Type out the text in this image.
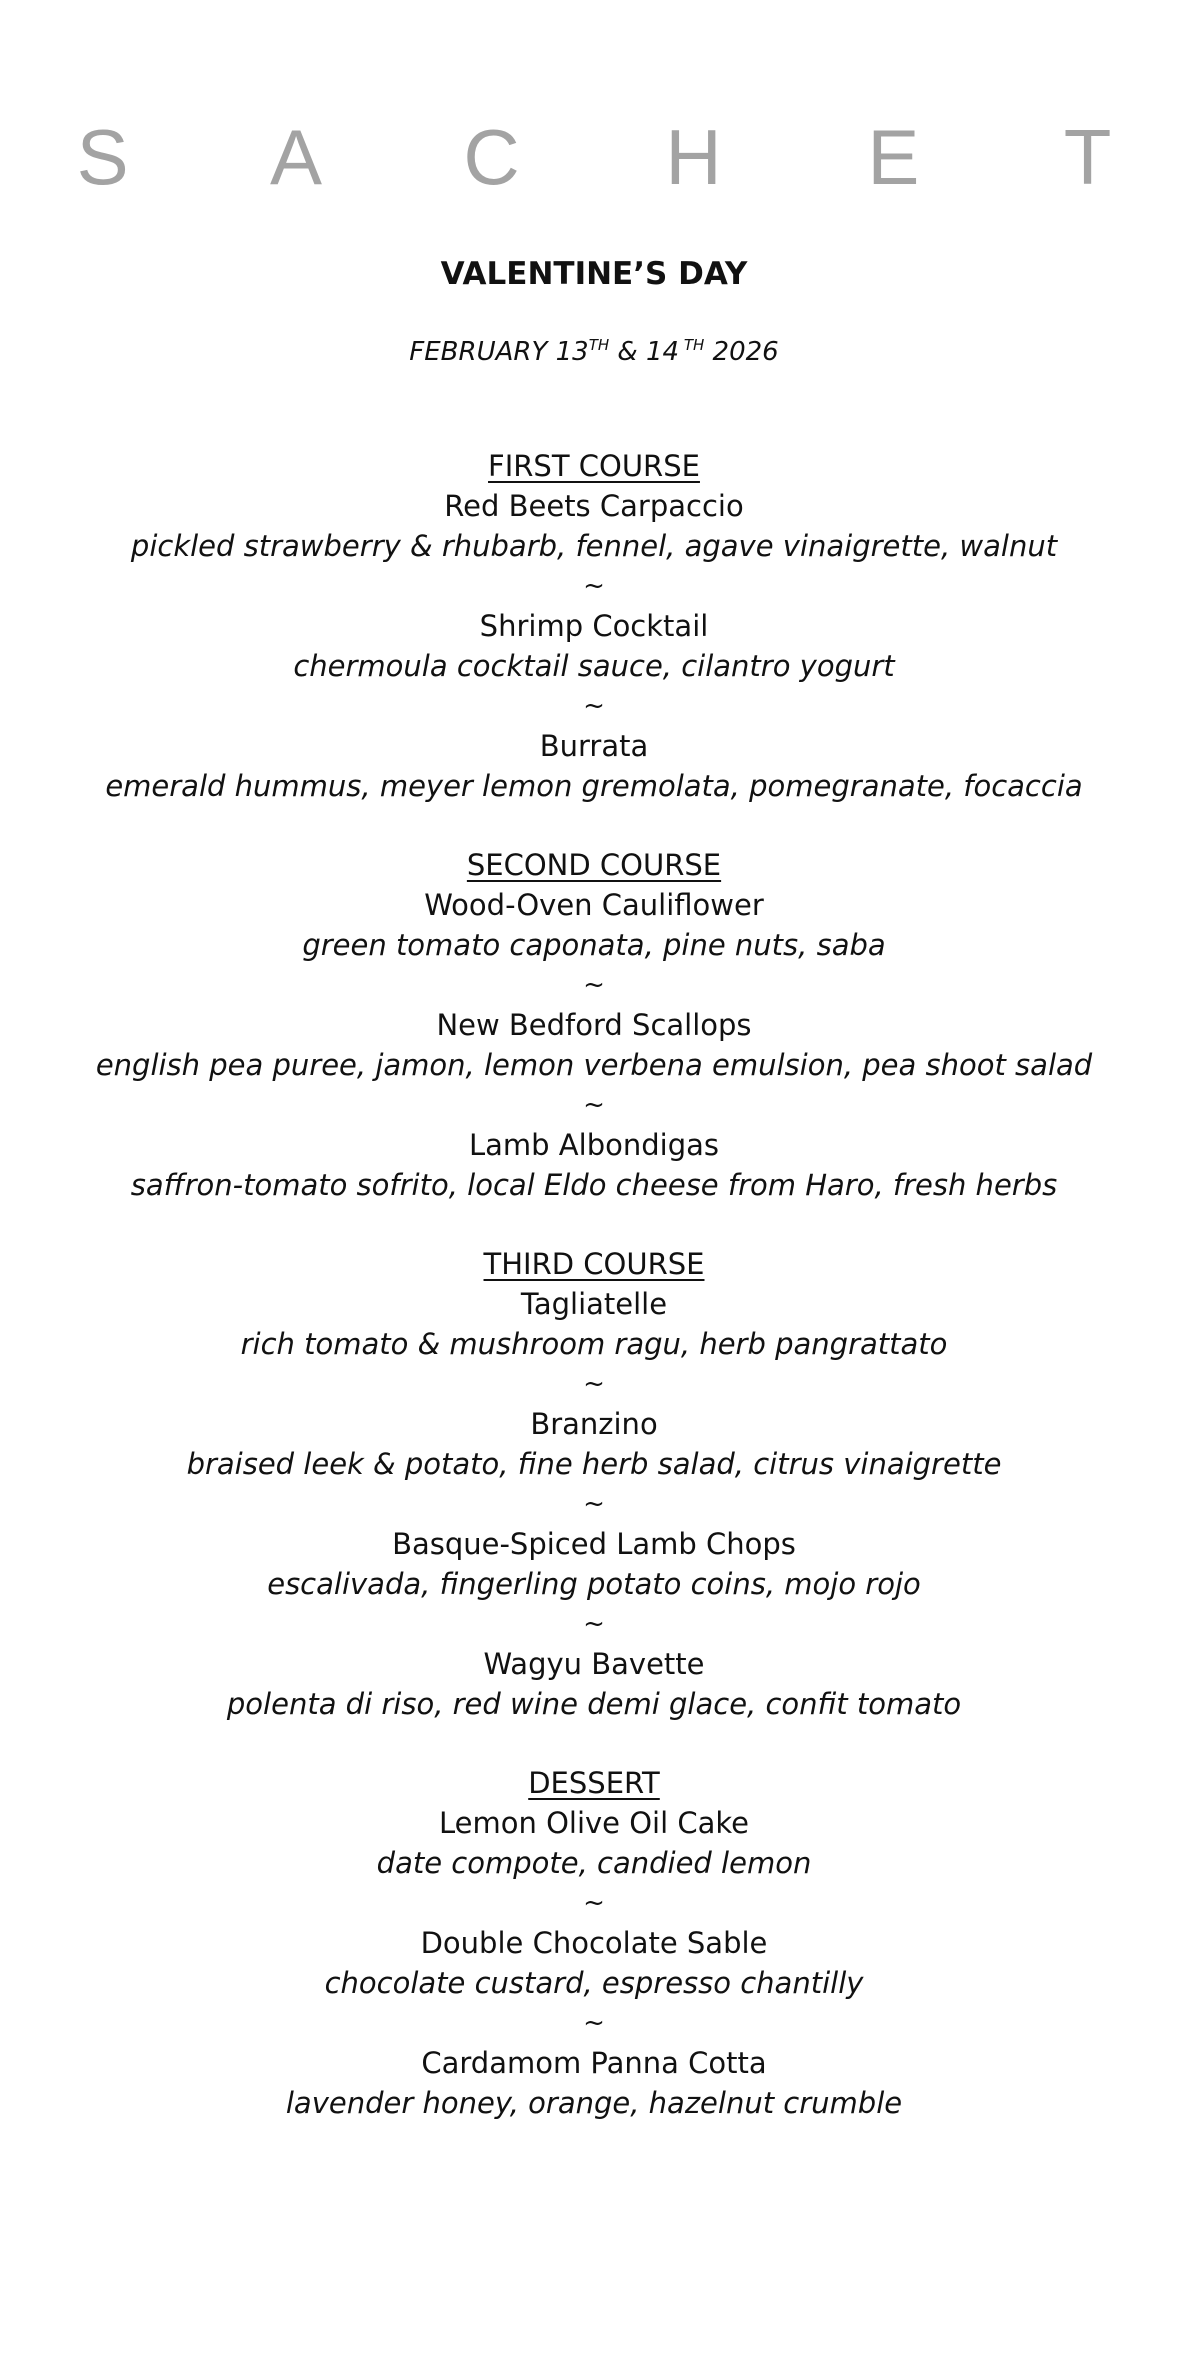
S A C H E T
VALENTINE’S DAY
FEBRUARY 13TH & 14 $^{TH}$ 2026
FIRST COURSE
Red Beets Carpaccio
pickled strawberry & rhubarb, fennel, agave vinaigrette, walnut
~
Shrimp Cocktail
chermoula cocktail sauce, cilantro yogurt
~
Burrata
emerald hummus, meyer lemon gremolata, pomegranate, focaccia
SECOND COURSE
Wood-Oven Cauliflower
green tomato caponata, pine nuts, saba
~
New Bedford Scallops
english pea puree, jamon, lemon verbena emulsion, pea shoot salad
~
Lamb Albondigas
saffron-tomato sofrito, local Eldo cheese from Haro, fresh herbs
THIRD COURSE
Tagliatelle
rich tomato & mushroom ragu, herb pangrattato
~
Branzino
braised leek & potato, fine herb salad, citrus vinaigrette
~
Basque-Spiced Lamb Chops
escalivada, fingerling potato coins, mojo rojo
~
Wagyu Bavette
polenta di riso, red wine demi glace, confit tomato
DESSERT
Lemon Olive Oil Cake
date compote, candied lemon
~
Double Chocolate Sable
chocolate custard, espresso chantilly
~
Cardamom Panna Cotta
lavender honey, orange, hazelnut crumble
